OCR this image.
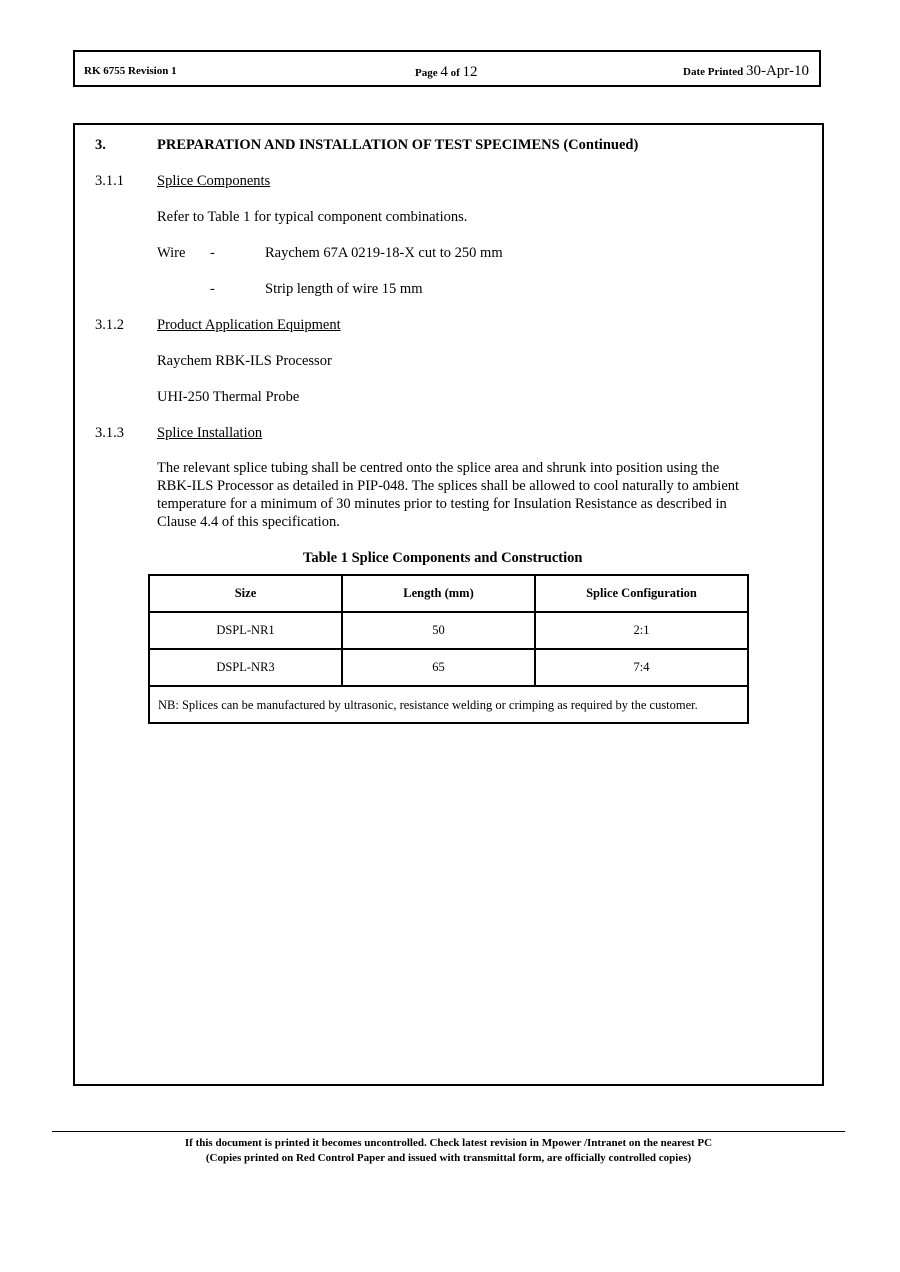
RK 6755 Revision 1	Page 4 of 12	Date Printed 30-Apr-10
3.	PREPARATION AND INSTALLATION OF TEST SPECIMENS (Continued)
3.1.1 Splice Components
Refer to Table 1 for typical component combinations.
Wire -	Raychem 67A 0219-18-X cut to 250 mm
-	Strip length of wire 15 mm
3.1.2 Product Application Equipment
Raychem RBK-ILS Processor
UHI-250 Thermal Probe
3.1.3 Splice Installation
The relevant splice tubing shall be centred onto the splice area and shrunk into position using the RBK-ILS Processor as detailed in PIP-048. The splices shall be allowed to cool naturally to ambient temperature for a minimum of 30 minutes prior to testing for Insulation Resistance as described in Clause 4.4 of this specification.
Table 1 Splice Components and Construction
Size	Length (mm)	Splice Configuration
DSPL-NR1	50	2:1
DSPL-NR3	65	7:4
NB: Splices can be manufactured by ultrasonic, resistance welding or crimping as required by the customer.		
If this document is printed it becomes uncontrolled. Check latest revision in Mpower /Intranet on the nearest PC
(Copies printed on Red Control Paper and issued with transmittal form, are officially controlled copies)
